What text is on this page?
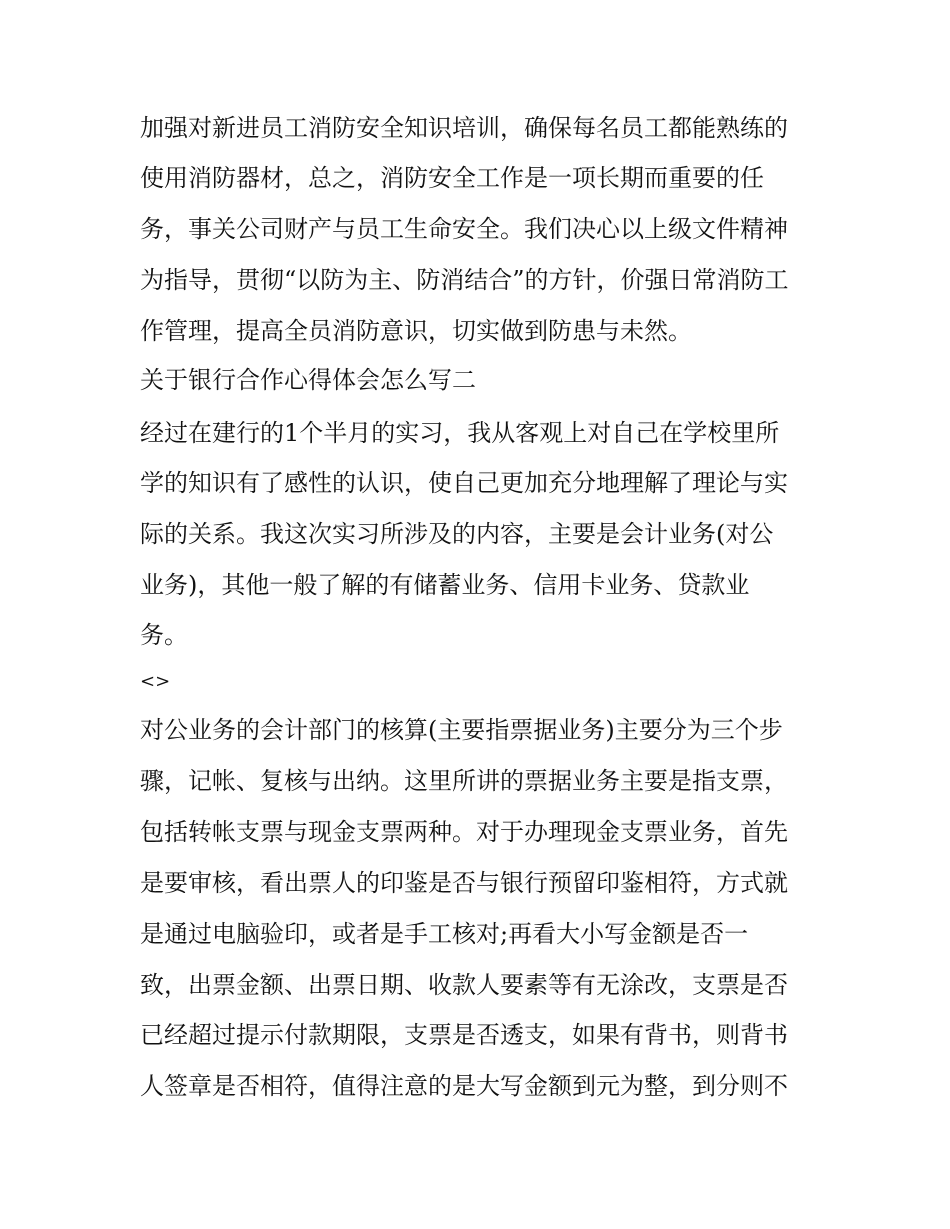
加强对新进员工消防安全知识培训，确保每名员工都能熟练的
使用消防器材，总之，消防安全工作是一项长期而重要的任
务，事关公司财产与员工生命安全。我们决心以上级文件精神
为指导，贯彻“以防为主、防消结合”的方针，价强日常消防工
作管理，提高全员消防意识，切实做到防患与未然。
关于银行合作心得体会怎么写二
经过在建行的1个半月的实习，我从客观上对自己在学校里所
学的知识有了感性的认识，使自己更加充分地理解了理论与实
际的关系。我这次实习所涉及的内容，主要是会计业务(对公
业务)，其他一般了解的有储蓄业务、信用卡业务、贷款业
务。
<>
对公业务的会计部门的核算(主要指票据业务)主要分为三个步
骤，记帐、复核与出纳。这里所讲的票据业务主要是指支票，
包括转帐支票与现金支票两种。对于办理现金支票业务，首先
是要审核，看出票人的印鉴是否与银行预留印鉴相符，方式就
是通过电脑验印，或者是手工核对;再看大小写金额是否一
致，出票金额、出票日期、收款人要素等有无涂改，支票是否
已经超过提示付款期限，支票是否透支，如果有背书，则背书
人签章是否相符，值得注意的是大写金额到元为整，到分则不
